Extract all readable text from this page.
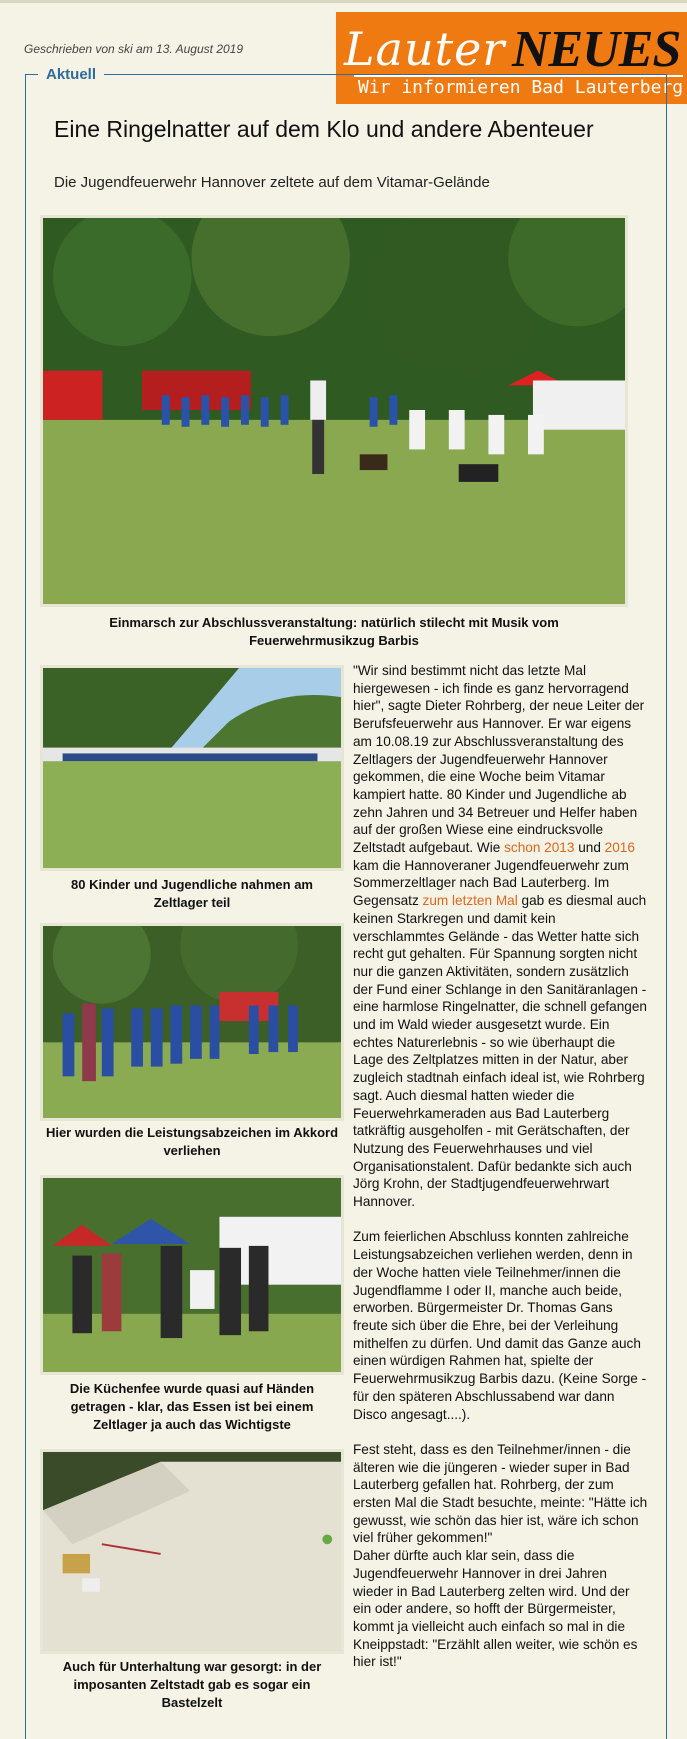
Geschrieben von ski am 13. August 2019 Lauter NEUES
Wir informieren Bad Lauterberg
Aktuell
Eine Ringelnatter auf dem Klo und andere Abenteuer

Die Jugendfeuerwehr Hannover zeltete auf dem Vitamar-Gelände

Einmarsch zur Abschlussveranstaltung: natürlich stilecht mit Musik vom Feuerwehrmusikzug Barbis
80 Kinder und Jugendliche nahmen am Zeltlager teil
Hier wurden die Leistungsabzeichen im Akkord verliehen
Die Küchenfee wurde quasi auf Händen getragen - klar, das Essen ist bei einem Zeltlager ja auch das Wichtigste
Auch für Unterhaltung war gesorgt: in der imposanten Zeltstadt gab es sogar ein Bastelzelt

"Wir sind bestimmt nicht das letzte Mal hiergewesen - ich finde es ganz hervorragend hier", sagte Dieter Rohrberg, der neue Leiter der Berufsfeuerwehr aus Hannover. Er war eigens am 10.08.19 zur Abschlussveranstaltung des Zeltlagers der Jugendfeuerwehr Hannover gekommen, die eine Woche beim Vitamar kampiert hatte. 80 Kinder und Jugendliche ab zehn Jahren und 34 Betreuer und Helfer haben auf der großen Wiese eine eindrucksvolle Zeltstadt aufgebaut. Wie schon 2013 und 2016 kam die Hannoveraner Jugendfeuerwehr zum Sommerzeltlager nach Bad Lauterberg. Im Gegensatz zum letzten Mal gab es diesmal auch keinen Starkregen und damit kein verschlammtes Gelände - das Wetter hatte sich recht gut gehalten. Für Spannung sorgten nicht nur die ganzen Aktivitäten, sondern zusätzlich der Fund einer Schlange in den Sanitäranlagen - eine harmlose Ringelnatter, die schnell gefangen und im Wald wieder ausgesetzt wurde. Ein echtes Naturerlebnis - so wie überhaupt die Lage des Zeltplatzes mitten in der Natur, aber zugleich stadtnah einfach ideal ist, wie Rohrberg sagt. Auch diesmal hatten wieder die Feuerwehrkameraden aus Bad Lauterberg tatkräftig ausgeholfen - mit Gerätschaften, der Nutzung des Feuerwehrhauses und viel Organisationstalent. Dafür bedankte sich auch Jörg Krohn, der Stadtjugendfeuerwehrwart Hannover.

Zum feierlichen Abschluss konnten zahlreiche Leistungsabzeichen verliehen werden, denn in der Woche hatten viele Teilnehmer/innen die Jugendflamme I oder II, manche auch beide, erworben. Bürgermeister Dr. Thomas Gans freute sich über die Ehre, bei der Verleihung mithelfen zu dürfen. Und damit das Ganze auch einen würdigen Rahmen hat, spielte der Feuerwehrmusikzug Barbis dazu. (Keine Sorge - für den späteren Abschlussabend war dann Disco angesagt....).

Fest steht, dass es den Teilnehmer/innen - die älteren wie die jüngeren - wieder super in Bad Lauterberg gefallen hat. Rohrberg, der zum ersten Mal die Stadt besuchte, meinte: "Hätte ich gewusst, wie schön das hier ist, wäre ich schon viel früher gekommen!"

Daher dürfte auch klar sein, dass die Jugendfeuerwehr Hannover in drei Jahren wieder in Bad Lauterberg zelten wird. Und der ein oder andere, so hofft der Bürgermeister, kommt ja vielleicht auch einfach so mal in die Kneippstadt: "Erzählt allen weiter, wie schön es hier ist!"
